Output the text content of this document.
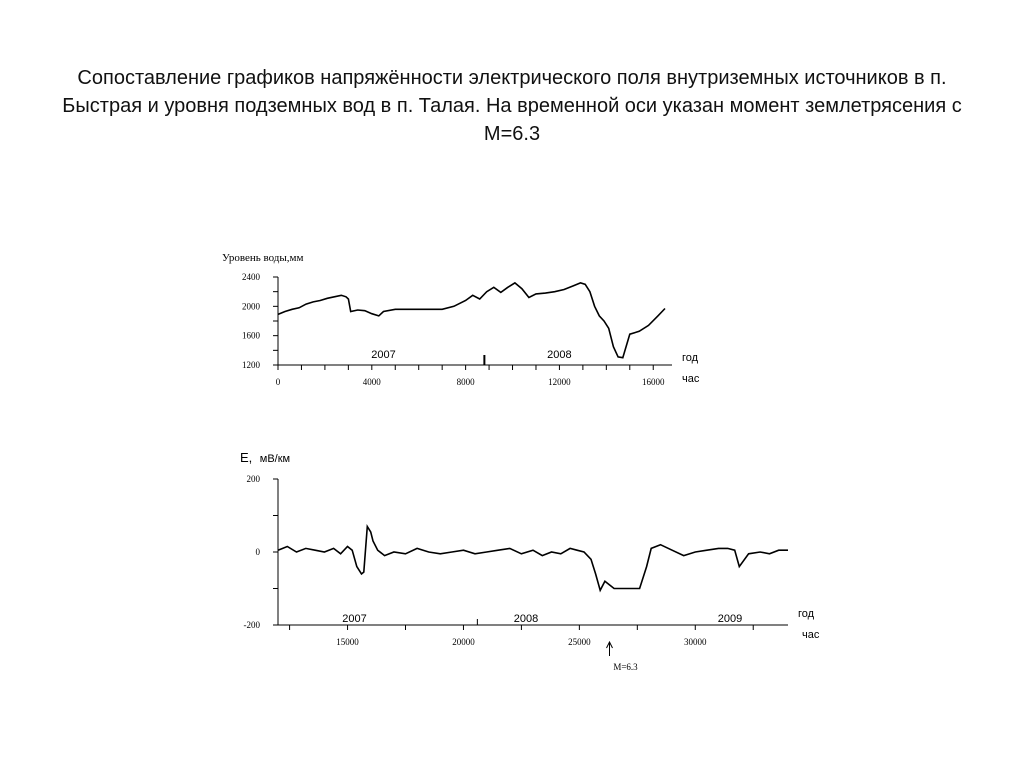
Сопоставление графиков напряжённости электрического поля внутриземных источников в п. Быстрая и уровня подземных вод в п. Талая. На временной оси указан момент землетрясения с М=6.3
Уровень воды,мм
1200
1600
2000
2400
0	4000	8000	12000	16000
2007	2008	год
час
E, мВ/км
-200
0
200
15000	20000	25000	30000
2007	2008	2009	год
час
M=6.3
